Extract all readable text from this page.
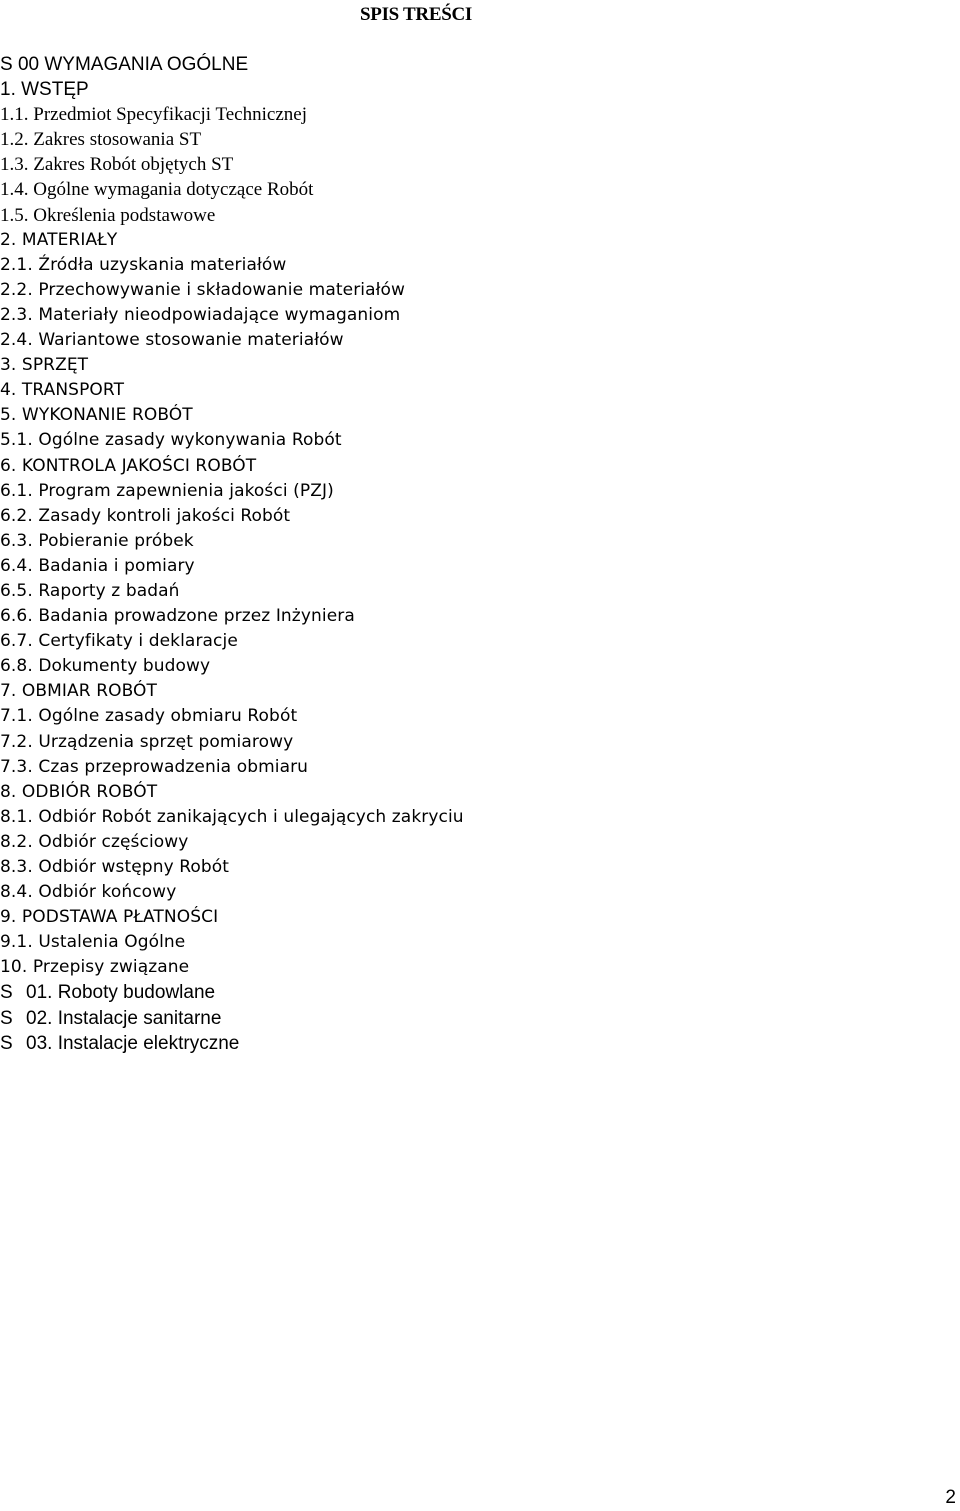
SPIS TREŚCI
S 00 WYMAGANIA OGÓLNE
1. WSTĘP
1.1. Przedmiot Specyfikacji Technicznej
1.2. Zakres stosowania ST
1.3. Zakres Robót objętych ST
1.4. Ogólne wymagania dotyczące Robót
1.5. Określenia podstawowe
2. MATERIAŁY
2.1. Źródła uzyskania materiałów
2.2. Przechowywanie i składowanie materiałów
2.3. Materiały nieodpowiadające wymaganiom
2.4. Wariantowe stosowanie materiałów
3. SPRZĘT
4. TRANSPORT
5. WYKONANIE ROBÓT
5.1. Ogólne zasady wykonywania Robót
6. KONTROLA JAKOŚCI ROBÓT
6.1. Program zapewnienia jakości (PZJ)
6.2. Zasady kontroli jakości Robót
6.3. Pobieranie próbek
6.4. Badania i pomiary
6.5. Raporty z badań
6.6. Badania prowadzone przez Inżyniera
6.7. Certyfikaty i deklaracje
6.8. Dokumenty budowy
7. OBMIAR ROBÓT
7.1. Ogólne zasady obmiaru Robót
7.2. Urządzenia sprzęt pomiarowy
7.3. Czas przeprowadzenia obmiaru
8. ODBIÓR ROBÓT
8.1. Odbiór Robót zanikających i ulegających zakryciu
8.2. Odbiór częściowy
8.3. Odbiór wstępny Robót
8.4. Odbiór końcowy
9. PODSTAWA PŁATNOŚCI
9.1. Ustalenia Ogólne
10. Przepisy związane
S 01. Roboty budowlane
S 02. Instalacje sanitarne
S 03. Instalacje elektryczne
2
